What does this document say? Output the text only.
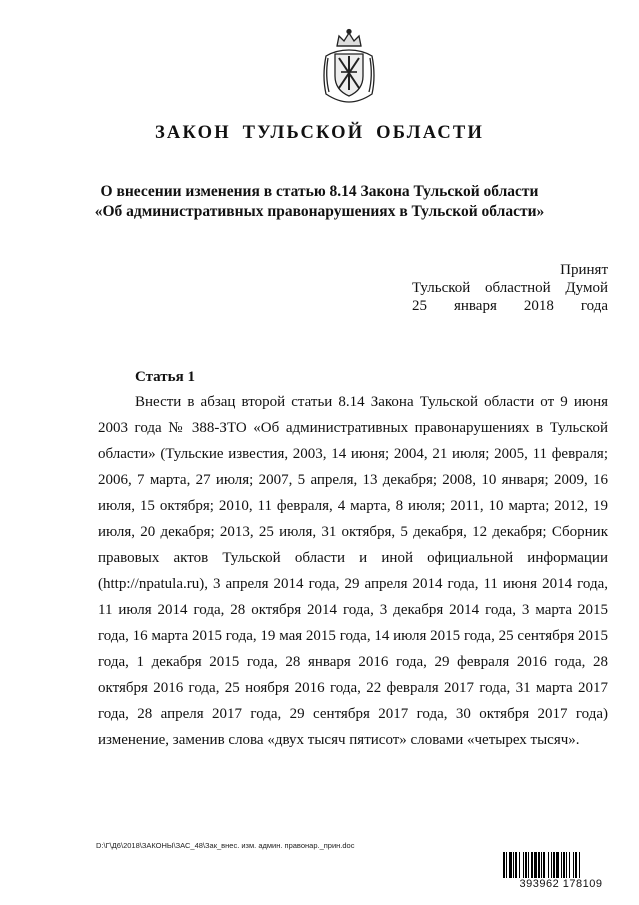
ЗАКОН ТУЛЬСКОЙ ОБЛАСТИ
О внесении изменения в статью 8.14 Закона Тульской области
«Об административных правонарушениях в Тульской области»
Принят
Тульской областной Думой
25 января 2018 года
Статья 1
Внести в абзац второй статьи 8.14 Закона Тульской области от 9 июня
2003 года № 388-ЗТО «Об административных правонарушениях в Тульской
области» (Тульские известия, 2003, 14 июня; 2004, 21 июля; 2005, 11 февраля;
2006, 7 марта, 27 июля; 2007, 5 апреля, 13 декабря; 2008, 10 января; 2009, 16
июля, 15 октября; 2010, 11 февраля, 4 марта, 8 июля; 2011, 10 марта; 2012, 19
июля, 20 декабря; 2013, 25 июля, 31 октября, 5 декабря, 12 декабря; Сборник
правовых актов Тульской области и иной официальной информации
(http://npatula.ru), 3 апреля 2014 года, 29 апреля 2014 года, 11 июня 2014 года,
11 июля 2014 года, 28 октября 2014 года, 3 декабря 2014 года, 3 марта 2015
года, 16 марта 2015 года, 19 мая 2015 года, 14 июля 2015 года, 25 сентября 2015
года, 1 декабря 2015 года, 28 января 2016 года, 29 февраля 2016 года, 28
октября 2016 года, 25 ноября 2016 года, 22 февраля 2017 года, 31 марта 2017
года, 28 апреля 2017 года, 29 сентября 2017 года, 30 октября 2017 года)
изменение, заменив слова «двух тысяч пятисот» словами «четырех тысяч».
D:\Г\Д6\2018\ЗАКОНЫ\ЗАС_48\Зак_внес. изм. админ. правонар._прин.doc
393962 178109
